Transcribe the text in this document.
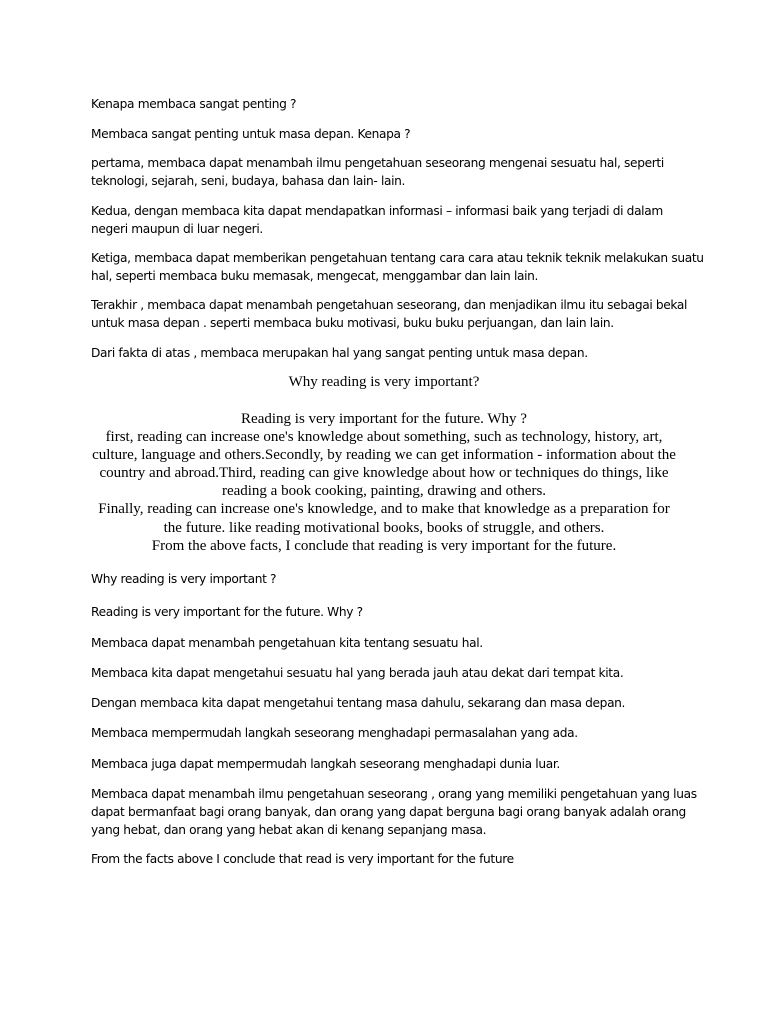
Kenapa membaca sangat penting ?

Membaca sangat penting untuk masa depan. Kenapa ?

pertama, membaca dapat menambah ilmu pengetahuan seseorang mengenai sesuatu hal, seperti
teknologi, sejarah, seni, budaya, bahasa dan lain- lain.

Kedua, dengan membaca kita dapat mendapatkan informasi – informasi baik yang terjadi di dalam
negeri maupun di luar negeri.

Ketiga, membaca dapat memberikan pengetahuan tentang cara cara atau teknik teknik melakukan suatu
hal, seperti membaca buku memasak, mengecat, menggambar dan lain lain.

Terakhir , membaca dapat menambah pengetahuan seseorang, dan menjadikan ilmu itu sebagai bekal
untuk masa depan . seperti membaca buku motivasi, buku buku perjuangan, dan lain lain.

Dari fakta di atas , membaca merupakan hal yang sangat penting untuk masa depan.

Why reading is very important?

Reading is very important for the future. Why ?
first, reading can increase one's knowledge about something, such as technology, history, art,
culture, language and others.Secondly, by reading we can get information - information about the
country and abroad.Third, reading can give knowledge about how or techniques do things, like
reading a book cooking, painting, drawing and others.
Finally, reading can increase one's knowledge, and to make that knowledge as a preparation for
the future. like reading motivational books, books of struggle, and others.
From the above facts, I conclude that reading is very important for the future.

Why reading is very important ?

Reading is very important for the future. Why ?

Membaca dapat menambah pengetahuan kita tentang sesuatu hal.

Membaca kita dapat mengetahui sesuatu hal yang berada jauh atau dekat dari tempat kita.

Dengan membaca kita dapat mengetahui tentang masa dahulu, sekarang dan masa depan.

Membaca mempermudah langkah seseorang menghadapi permasalahan yang ada.

Membaca juga dapat mempermudah langkah seseorang menghadapi dunia luar.

Membaca dapat menambah ilmu pengetahuan seseorang , orang yang memiliki pengetahuan yang luas
dapat bermanfaat bagi orang banyak, dan orang yang dapat berguna bagi orang banyak adalah orang
yang hebat, dan orang yang hebat akan di kenang sepanjang masa.

From the facts above I conclude that read is very important for the future
